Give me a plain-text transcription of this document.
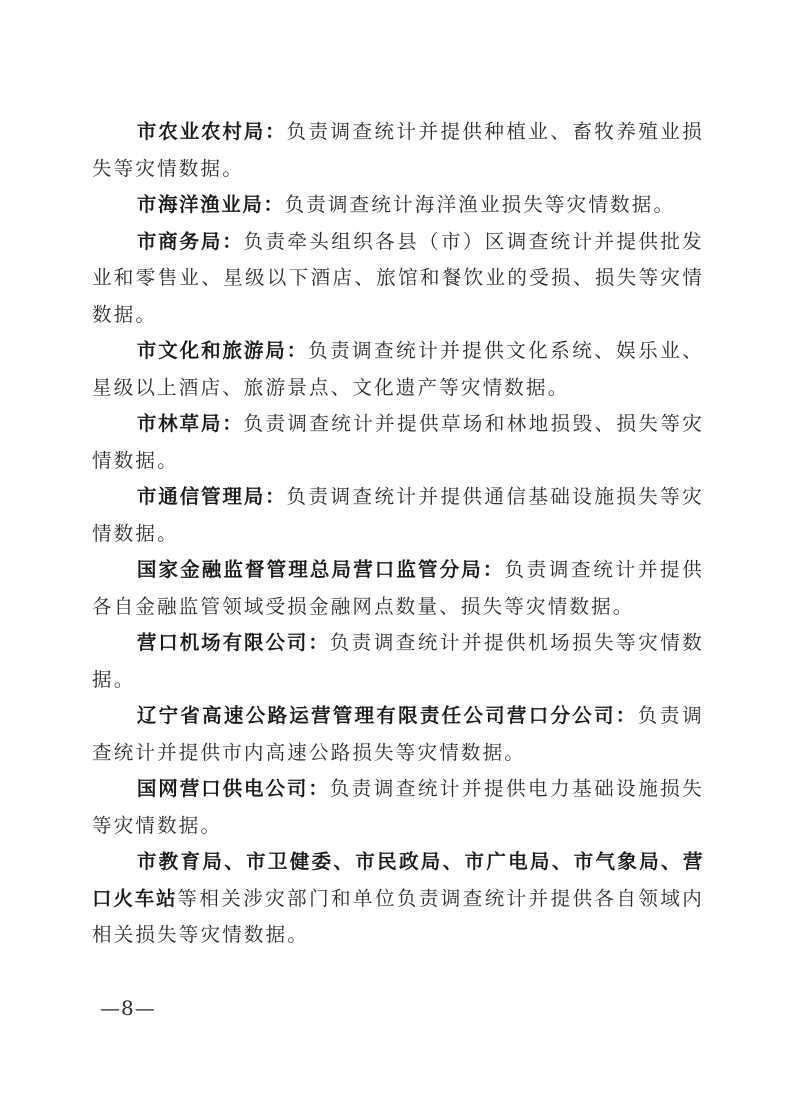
市农业农村局：负责调查统计并提供种植业、畜牧养殖业损失等灾情数据。

市海洋渔业局：负责调查统计海洋渔业损失等灾情数据。

市商务局：负责牵头组织各县（市）区调查统计并提供批发业和零售业、星级以下酒店、旅馆和餐饮业的受损、损失等灾情数据。

市文化和旅游局：负责调查统计并提供文化系统、娱乐业、星级以上酒店、旅游景点、文化遗产等灾情数据。

市林草局：负责调查统计并提供草场和林地损毁、损失等灾情数据。

市通信管理局：负责调查统计并提供通信基础设施损失等灾情数据。

国家金融监督管理总局营口监管分局：负责调查统计并提供各自金融监管领域受损金融网点数量、损失等灾情数据。

营口机场有限公司：负责调查统计并提供机场损失等灾情数据。

辽宁省高速公路运营管理有限责任公司营口分公司：负责调查统计并提供市内高速公路损失等灾情数据。

国网营口供电公司：负责调查统计并提供电力基础设施损失等灾情数据。

市教育局、市卫健委、市民政局、市广电局、市气象局、营口火车站等相关涉灾部门和单位负责调查统计并提供各自领域内相关损失等灾情数据。

—8—
